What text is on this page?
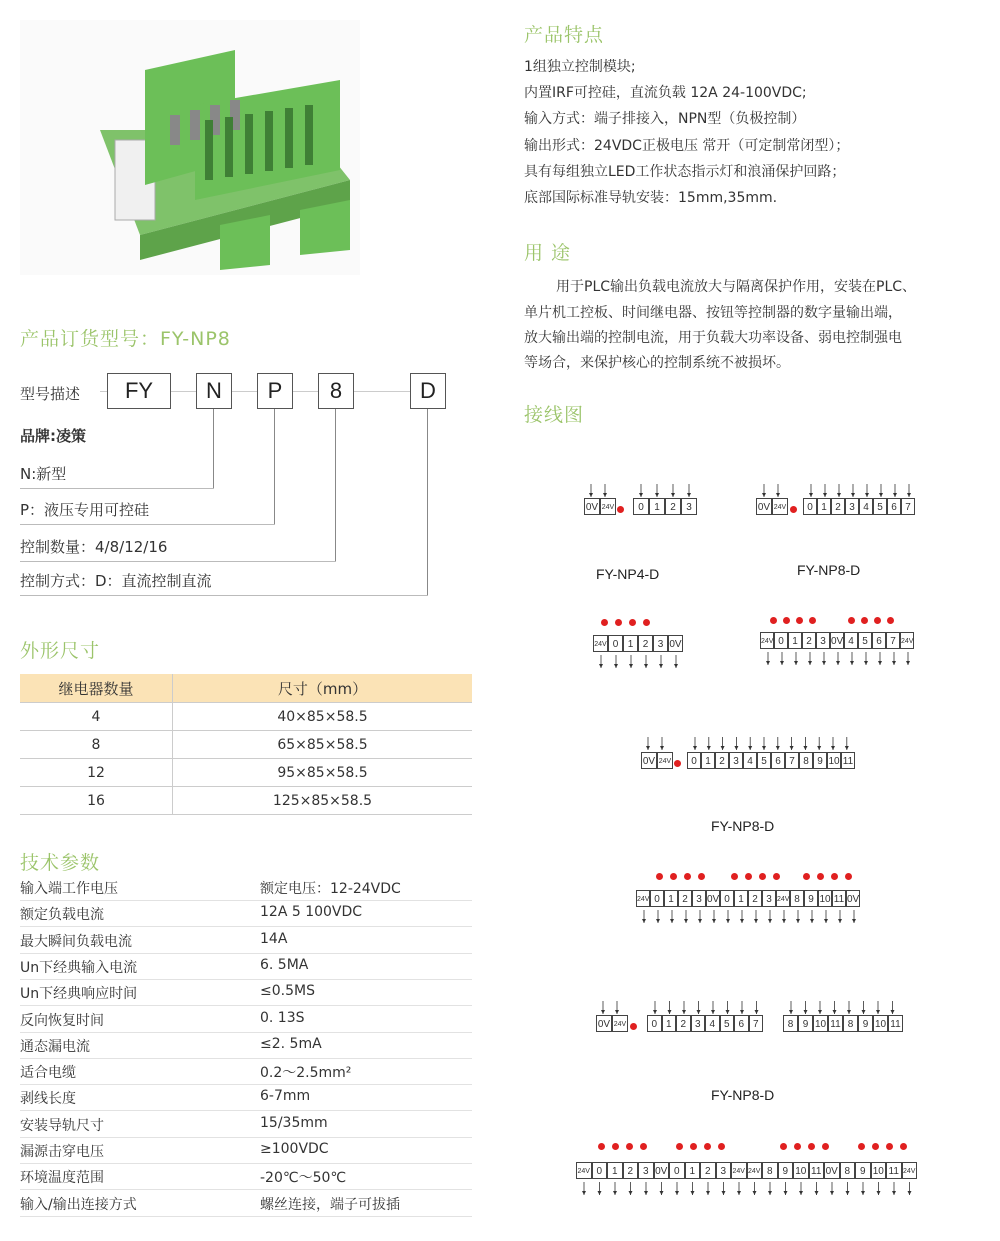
产品特点
1组独立控制模块;
内置IRF可控硅，直流负载 12A 24-100VDC;
输入方式：端子排接入，NPN型（负极控制）
输出形式：24VDC正极电压 常开（可定制常闭型）；
具有每组独立LED工作状态指示灯和浪涌保护回路；
底部国际标准导轨安装：15mm,35mm.
用 途
用于PLC输出负载电流放大与隔离保护作用，安装在PLC、
单片机工控板、时间继电器、按钮等控制器的数字量输出端，
放大输出端的控制电流，用于负载大功率设备、弱电控制强电
等场合，来保护核心的控制系统不被损坏。
接线图
产品订货型号：FY-NP8
型号描述	FY	N	P	8	D
品牌:凌策
N:新型
P：液压专用可控硅
控制数量：4/8/12/16
控制方式：D：直流控制直流
外形尺寸
继电器数量	尺寸（mm）
4	40×85×58.5
8	65×85×58.5
12	95×85×58.5
16	125×85×58.5
技术参数
输入端工作电压	额定电压：12-24VDC
额定负载电流	12A 5 100VDC
最大瞬间负载电流	14A
Un下经典输入电流	6. 5MA
Un下经典响应时间	≤0.5MS
反向恢复时间	0. 13S
通态漏电流	≤2. 5mA
适合电缆	0.2～2.5mm²
剥线长度	6-7mm
安装导轨尺寸	15/35mm
漏源击穿电压	≥100VDC
环境温度范围	-20℃～50℃
输入/输出连接方式	螺丝连接，端子可拔插
0V 24V	0 1 2 3
24V 0 1 2 3 0V
0V 24V	0 1 2 3 4 5 6 7
24V 0 1 2 3 0V 4 5 6 7 24V
0V 24V	0 1 2 3 4 5 6 7 8 9 10 11
24V 0 1 2 3 0V 0 1 2 3 24V 8 9 10 11 0V
0V 24V	0 1 2 3 4 5 6 7	8 9 10 11 8 9 10 11
24V 0 1 2 3 0V 0 1 2 3 24V 24V 8 9 10 11 0V 8 9 10 11 24V
FY-NP4-D	FY-NP8-D
FY-NP8-D
FY-NP8-D
